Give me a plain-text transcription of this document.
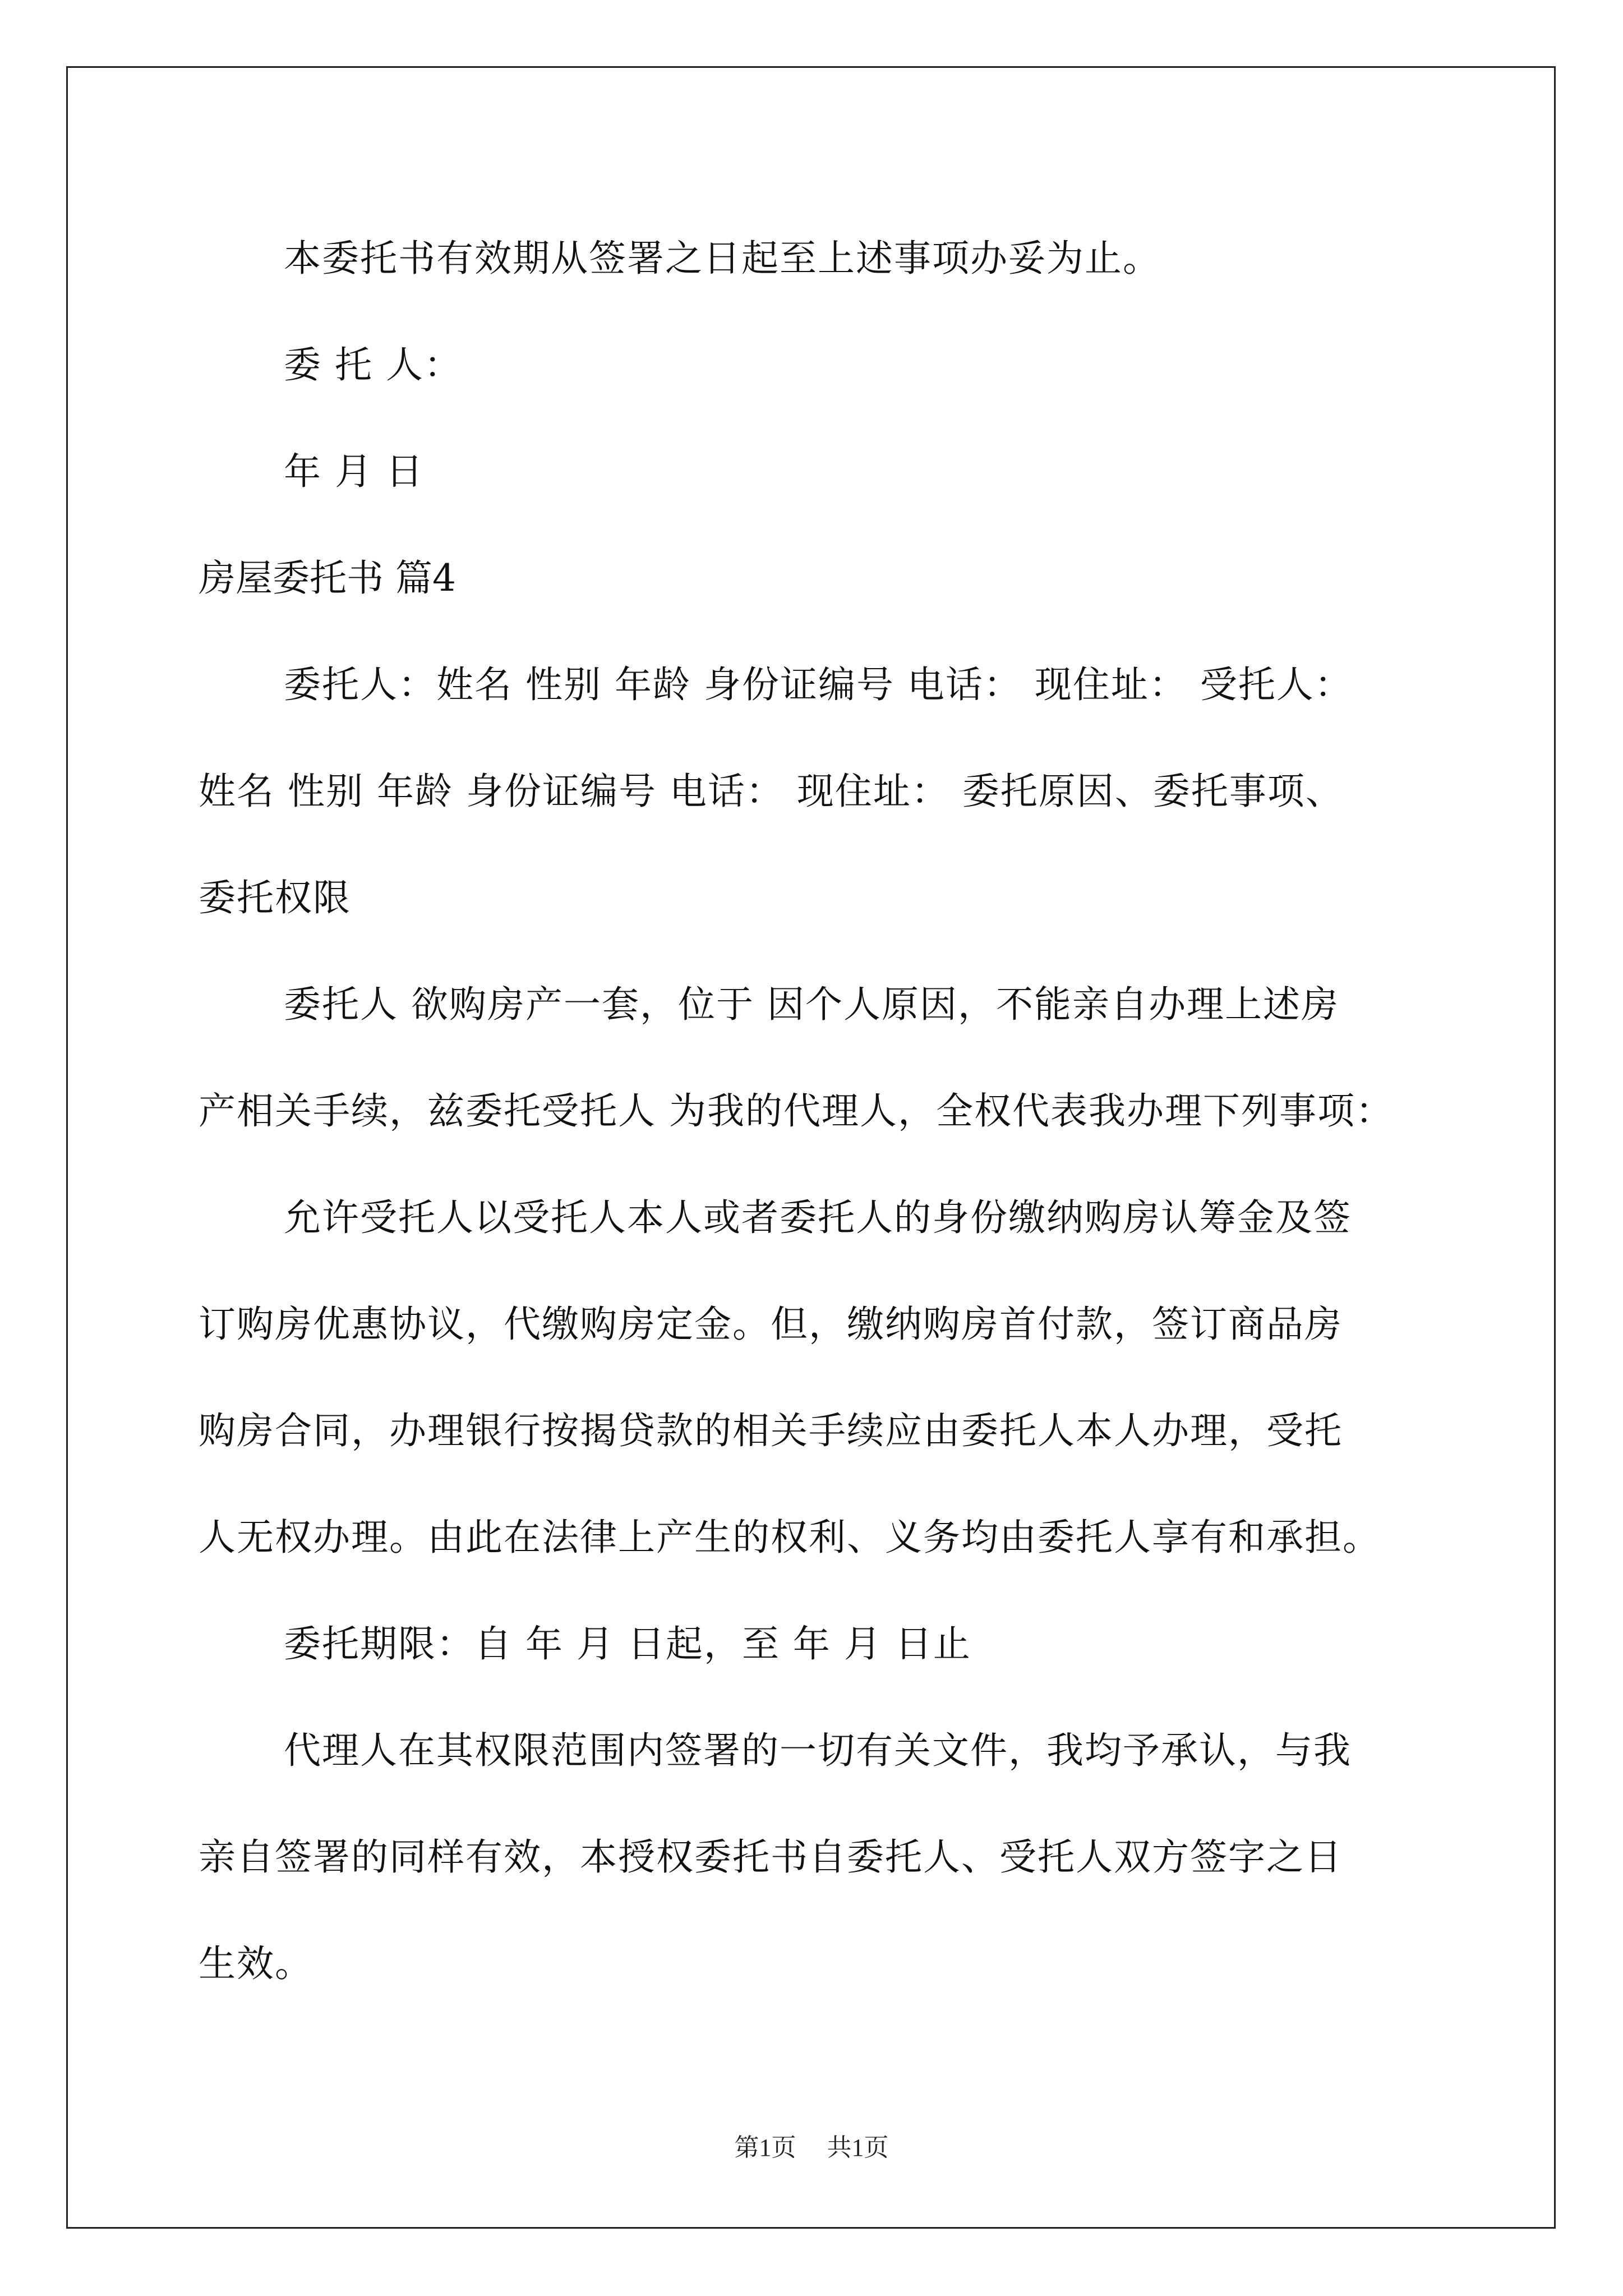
本委托书有效期从签署之日起至上述事项办妥为止。
委 托 人：
年 月 日
房屋委托书 篇4
委托人：姓名 性别 年龄 身份证编号 电话： 现住址： 受托人：
姓名 性别 年龄 身份证编号 电话： 现住址： 委托原因、委托事项、
委托权限
委托人 欲购房产一套，位于 因个人原因，不能亲自办理上述房
产相关手续，兹委托受托人 为我的代理人，全权代表我办理下列事项：
允许受托人以受托人本人或者委托人的身份缴纳购房认筹金及签
订购房优惠协议，代缴购房定金。但，缴纳购房首付款，签订商品房
购房合同，办理银行按揭贷款的相关手续应由委托人本人办理，受托
人无权办理。由此在法律上产生的权利、义务均由委托人享有和承担。
委托期限：自 年 月 日起，至 年 月 日止
代理人在其权限范围内签署的一切有关文件，我均予承认，与我
亲自签署的同样有效，本授权委托书自委托人、受托人双方签字之日
生效。
第1页 共1页
